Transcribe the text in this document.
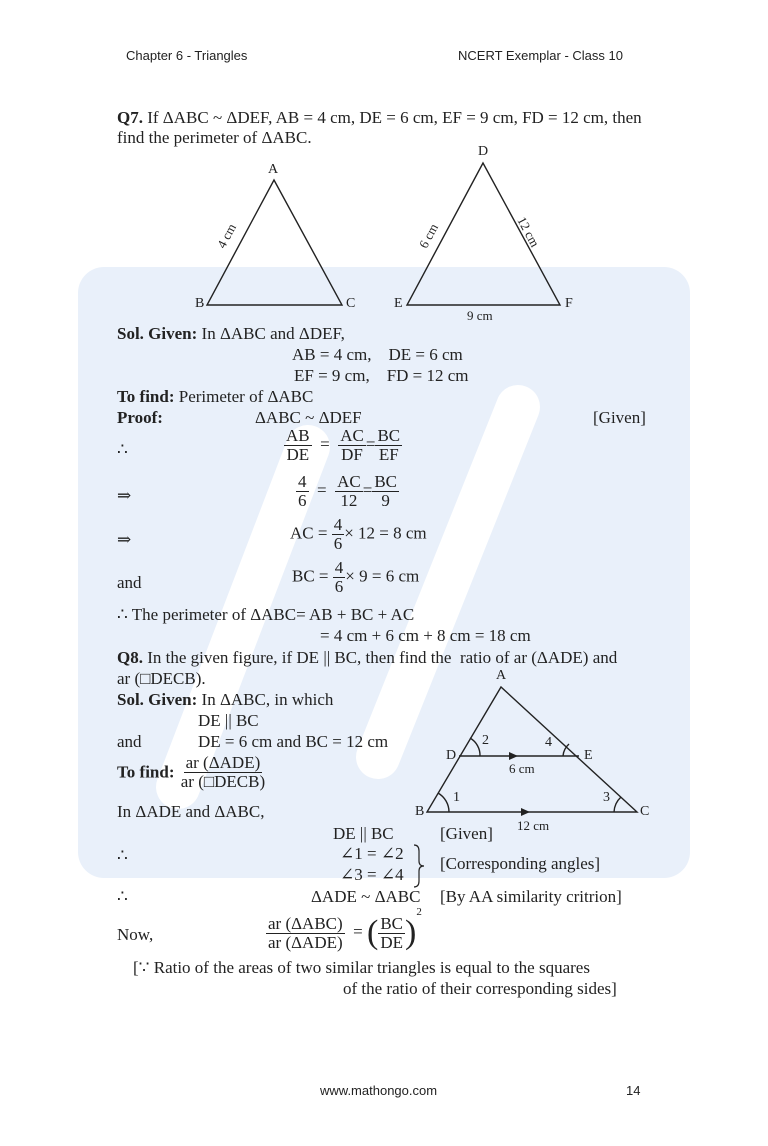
Chapter 6 - Triangles	NCERT Exemplar - Class 10
Q7. If ΔABC ~ ΔDEF, AB = 4 cm, DE = 6 cm, EF = 9 cm, FD = 12 cm, then
find the perimeter of ΔABC.
A
B	C
4 cm
D
E	F
6 cm	12 cm
9 cm
Sol. Given: In ΔABC and ΔDEF,
AB = 4 cm,    DE = 6 cm
EF = 9 cm,    FD = 12 cm
To find: Perimeter of ΔABC
Proof:	ΔABC ~ ΔDEF	[Given]
∴	$\frac{AB}{DE} = \frac{AC}{DF} = \frac{BC}{EF}$
⇒	$\frac{4}{6} = \frac{AC}{12} = \frac{BC}{9}$
⇒	AC = $\frac{4}{6} \times 12 = 8$ cm
and	BC = $\frac{4}{6} \times 9 = 6$ cm
∴ The perimeter of ΔABC= AB + BC + AC
= 4 cm + 6 cm + 8 cm = 18 cm
Q8. In the given figure, if DE || BC, then find the  ratio of ar (ΔADE) and
ar (□DECB).	A
B	C
D	E
2	4
1	3
6 cm
12 cm
Sol. Given: In ΔABC, in which
DE || BC
and	DE = 6 cm and BC = 12 cm
To find: $\frac{\text{ar (ΔADE)}}{\text{ar (□DECB)}}$
In ΔADE and ΔABC,
DE || BC	[Given]
∴	∠1 = ∠2
∠3 = ∠4
[Corresponding angles]
∴	ΔADE ~ ΔABC [By AA similarity critrion]
Now,	$\frac{\text{ar (ΔABC)}}{\text{ar (ΔADE)}}$ = ( $\frac{BC}{DE} )^2$
[∵ Ratio of the areas of two similar triangles is equal to the squares
of the ratio of their corresponding sides]
www.mathongo.com	14
